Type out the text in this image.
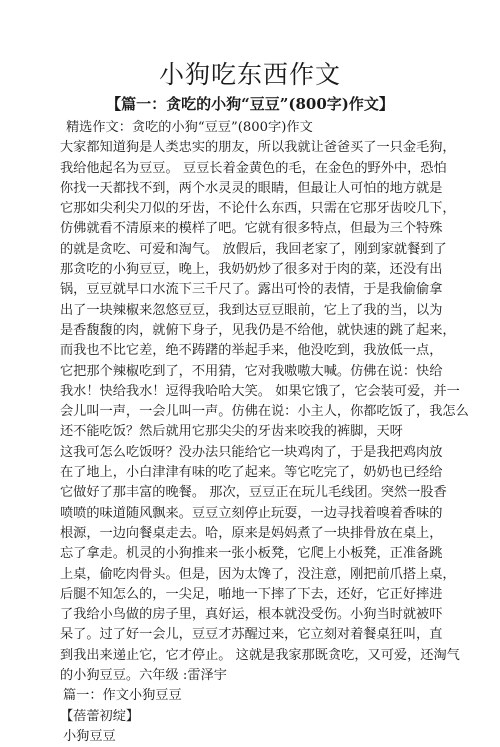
小狗吃东西作文
【篇一：贪吃的小狗“豆豆”(800字)作文】
精选作文：贪吃的小狗“豆豆”(800字)作文
大家都知道狗是人类忠实的朋友，所以我就让爸爸买了一只金毛狗，
我给他起名为豆豆。 豆豆长着金黄色的毛，在金色的野外中，恐怕
你找一天都找不到，两个水灵灵的眼睛，但最让人可怕的地方就是
它那如尖利尖刀似的牙齿，不论什么东西，只需在它那牙齿咬几下，
仿佛就看不清原来的模样了吧。它就有很多特点，但最为三个特殊
的就是贪吃、可爱和淘气。 放假后，我回老家了，刚到家就餐到了
那贪吃的小狗豆豆，晚上，我奶奶炒了很多对于肉的菜，还没有出
锅，豆豆就早口水流下三千尺了。露出可怜的表情，于是我偷偷拿
出了一块辣椒来忽悠豆豆，我到达豆豆眼前，它上了我的当，以为
是香馥馥的肉，就俯下身子，见我仍是不给他，就快速的跳了起来，
而我也不比它差，绝不踌躇的举起手来，他没吃到，我放低一点，
它把那个辣椒吃到了，不用猜，它对我嗷嗷大喊。仿佛在说：快给
我水！快给我水！逗得我哈哈大笑。 如果它饿了，它会装可爱，并一
会儿叫一声，一会儿叫一声。仿佛在说：小主人，你都吃饭了，我怎么
还不能吃饭？然后就用它那尖尖的牙齿来咬我的裤脚，天呀
这我可怎么吃饭呀？没办法只能给它一块鸡肉了，于是我把鸡肉放
在了地上，小白津津有味的吃了起来。等它吃完了，奶奶也已经给
它做好了那丰富的晚餐。 那次，豆豆正在玩儿毛线团。突然一股香
喷喷的味道随风飘来。豆豆立刻停止玩耍，一边寻找着嗅着香味的
根源，一边向餐桌走去。哈，原来是妈妈煮了一块排骨放在桌上，
忘了拿走。机灵的小狗推来一张小板凳，它爬上小板凳，正准备跳
上桌，偷吃肉骨头。但是，因为太馋了，没注意，刚把前爪搭上桌，
后腿不知怎么的，一尖足，啪地一下摔了下去，还好，它正好摔进
了我给小鸟做的房子里，真好运，根本就没受伤。小狗当时就被吓
呆了。过了好一会儿，豆豆才苏醒过来，它立刻对着餐桌狂叫，直
到我出来递止它，它才停止。 这就是我家那既贪吃，又可爱，还淘气
的小狗豆豆。六年级 :雷泽宇
篇一：作文小狗豆豆
【蓓蕾初绽】
小狗豆豆
